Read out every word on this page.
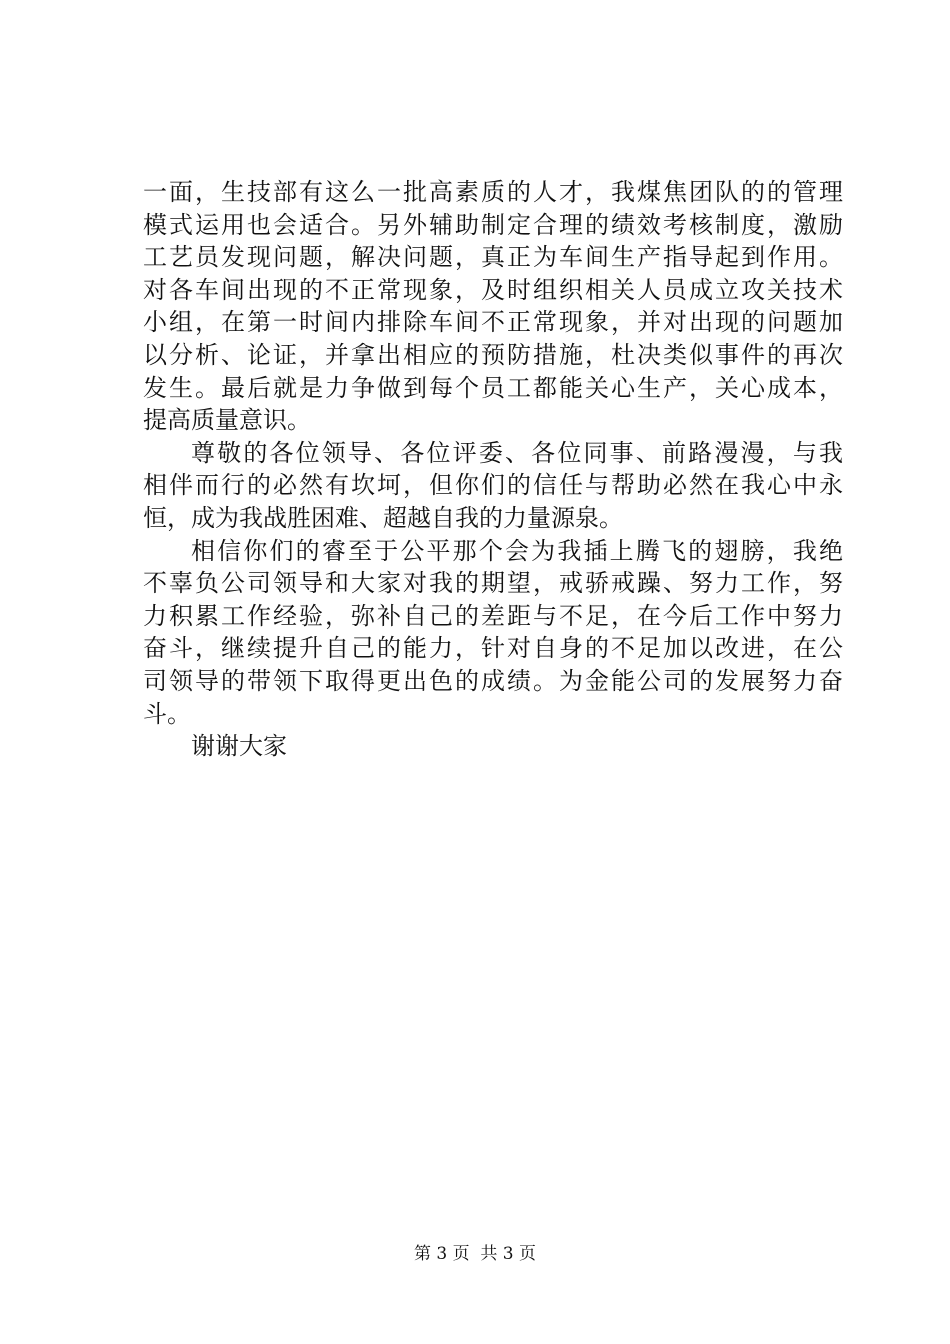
一面，生技部有这么一批高素质的人才，我煤焦团队的的管理
模式运用也会适合。另外辅助制定合理的绩效考核制度，激励
工艺员发现问题，解决问题，真正为车间生产指导起到作用。
对各车间出现的不正常现象，及时组织相关人员成立攻关技术
小组，在第一时间内排除车间不正常现象，并对出现的问题加
以分析、论证，并拿出相应的预防措施，杜决类似事件的再次
发生。最后就是力争做到每个员工都能关心生产，关心成本，
提高质量意识。
尊敬的各位领导、各位评委、各位同事、前路漫漫，与我
相伴而行的必然有坎坷，但你们的信任与帮助必然在我心中永
恒，成为我战胜困难、超越自我的力量源泉。
相信你们的睿至于公平那个会为我插上腾飞的翅膀，我绝
不辜负公司领导和大家对我的期望，戒骄戒躁、努力工作，努
力积累工作经验，弥补自己的差距与不足，在今后工作中努力
奋斗，继续提升自己的能力，针对自身的不足加以改进，在公
司领导的带领下取得更出色的成绩。为金能公司的发展努力奋
斗。
谢谢大家
第 3 页  共 3 页
